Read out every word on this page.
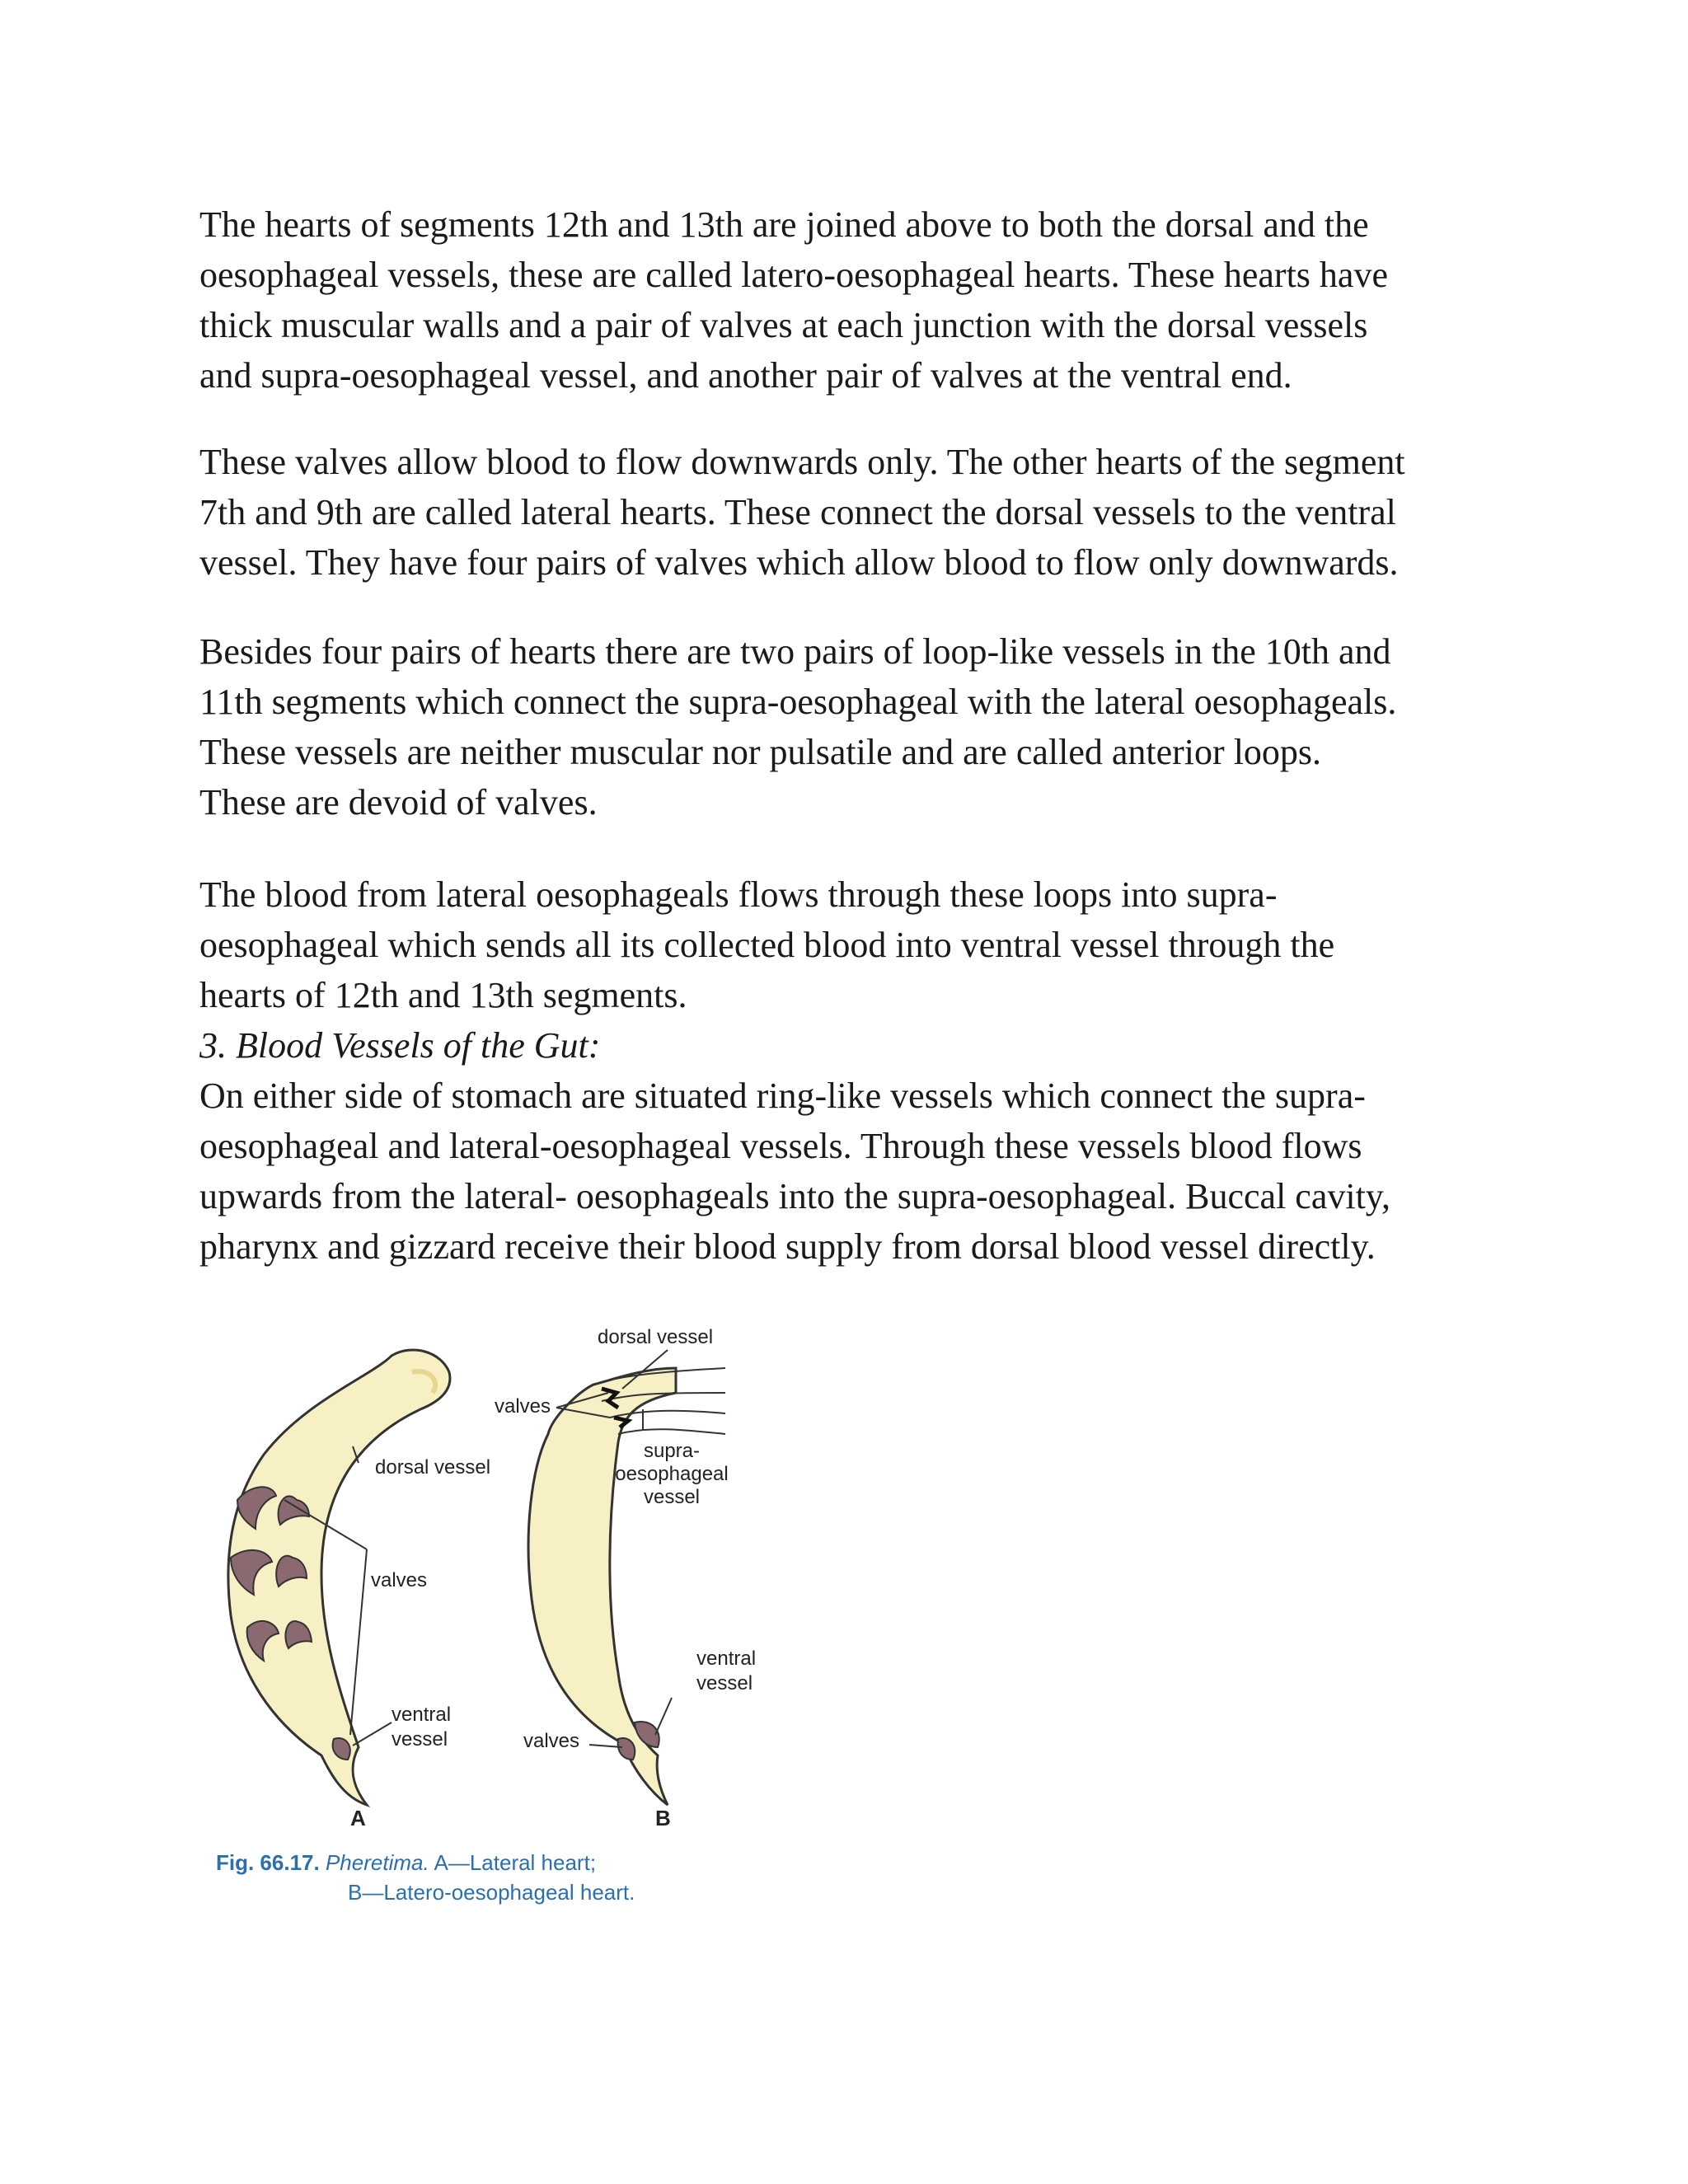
The hearts of segments 12th and 13th are joined above to both the dorsal and the
oesophageal vessels, these are called latero-oesophageal hearts. These hearts have
thick muscular walls and a pair of valves at each junction with the dorsal vessels
and supra-oesophageal vessel, and another pair of valves at the ventral end.
These valves allow blood to flow downwards only. The other hearts of the segment
7th and 9th are called lateral hearts. These connect the dorsal vessels to the ventral
vessel. They have four pairs of valves which allow blood to flow only downwards.
Besides four pairs of hearts there are two pairs of loop-like vessels in the 10th and
11th segments which connect the supra-oesophageal with the lateral oesophageals.
These vessels are neither muscular nor pulsatile and are called anterior loops.
These are devoid of valves.
The blood from lateral oesophageals flows through these loops into supra-
oesophageal which sends all its collected blood into ventral vessel through the
hearts of 12th and 13th segments.
3. Blood Vessels of the Gut:
On either side of stomach are situated ring-like vessels which connect the supra-
oesophageal and lateral-oesophageal vessels. Through these vessels blood flows
upwards from the lateral- oesophageals into the supra-oesophageal. Buccal cavity,
pharynx and gizzard receive their blood supply from dorsal blood vessel directly.
dorsal vessel
valves
ventral
vessel
A
dorsal vessel
valves
supra-
oesophageal
vessel
ventral
vessel
valves
B
Fig. 66.17. Pheretima. A—Lateral heart;
B—Latero-oesophageal heart.
